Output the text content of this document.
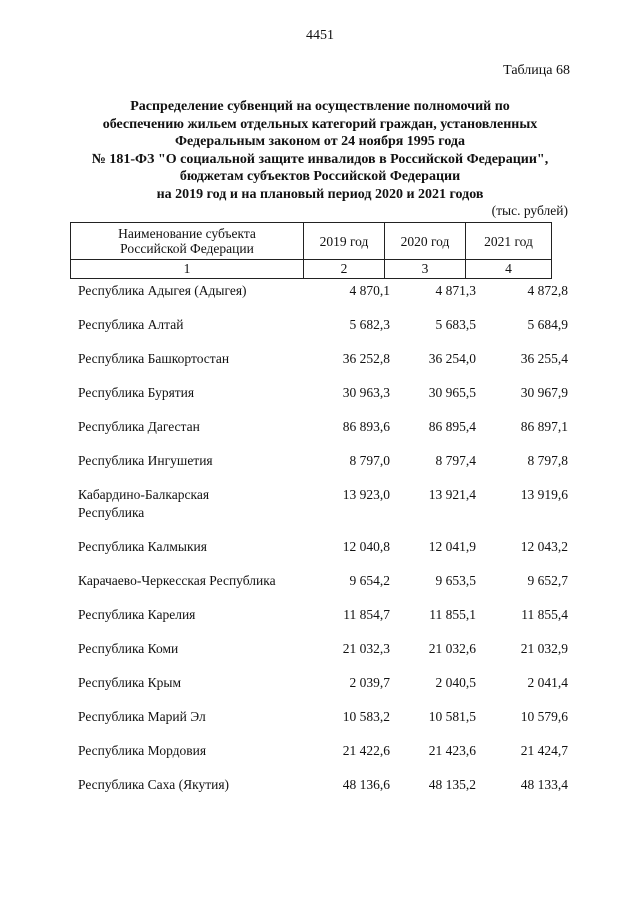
4451
Таблица 68
Распределение субвенций на осуществление полномочий по
обеспечению жильем отдельных категорий граждан, установленных
Федеральным законом от 24 ноября 1995 года
№ 181-ФЗ "О социальной защите инвалидов в Российской Федерации",
бюджетам субъектов Российской Федерации
на 2019 год и на плановый период 2020 и 2021 годов
(тыс. рублей)
Наименование субъекта
Российской Федерации	2019 год	2020 год	2021 год
1	2	3	4
Республика Адыгея (Адыгея)	4 870,1	4 871,3	4 872,8
Республика Алтай	5 682,3	5 683,5	5 684,9
Республика Башкортостан	36 252,8	36 254,0	36 255,4
Республика Бурятия	30 963,3	30 965,5	30 967,9
Республика Дагестан	86 893,6	86 895,4	86 897,1
Республика Ингушетия	8 797,0	8 797,4	8 797,8
Кабардино-Балкарская
Республика
13 923,0	13 921,4	13 919,6
Республика Калмыкия	12 040,8	12 041,9	12 043,2
Карачаево-Черкесская Республика	9 654,2	9 653,5	9 652,7
Республика Карелия	11 854,7	11 855,1	11 855,4
Республика Коми	21 032,3	21 032,6	21 032,9
Республика Крым	2 039,7	2 040,5	2 041,4
Республика Марий Эл	10 583,2	10 581,5	10 579,6
Республика Мордовия	21 422,6	21 423,6	21 424,7
Республика Саха (Якутия)	48 136,6	48 135,2	48 133,4
